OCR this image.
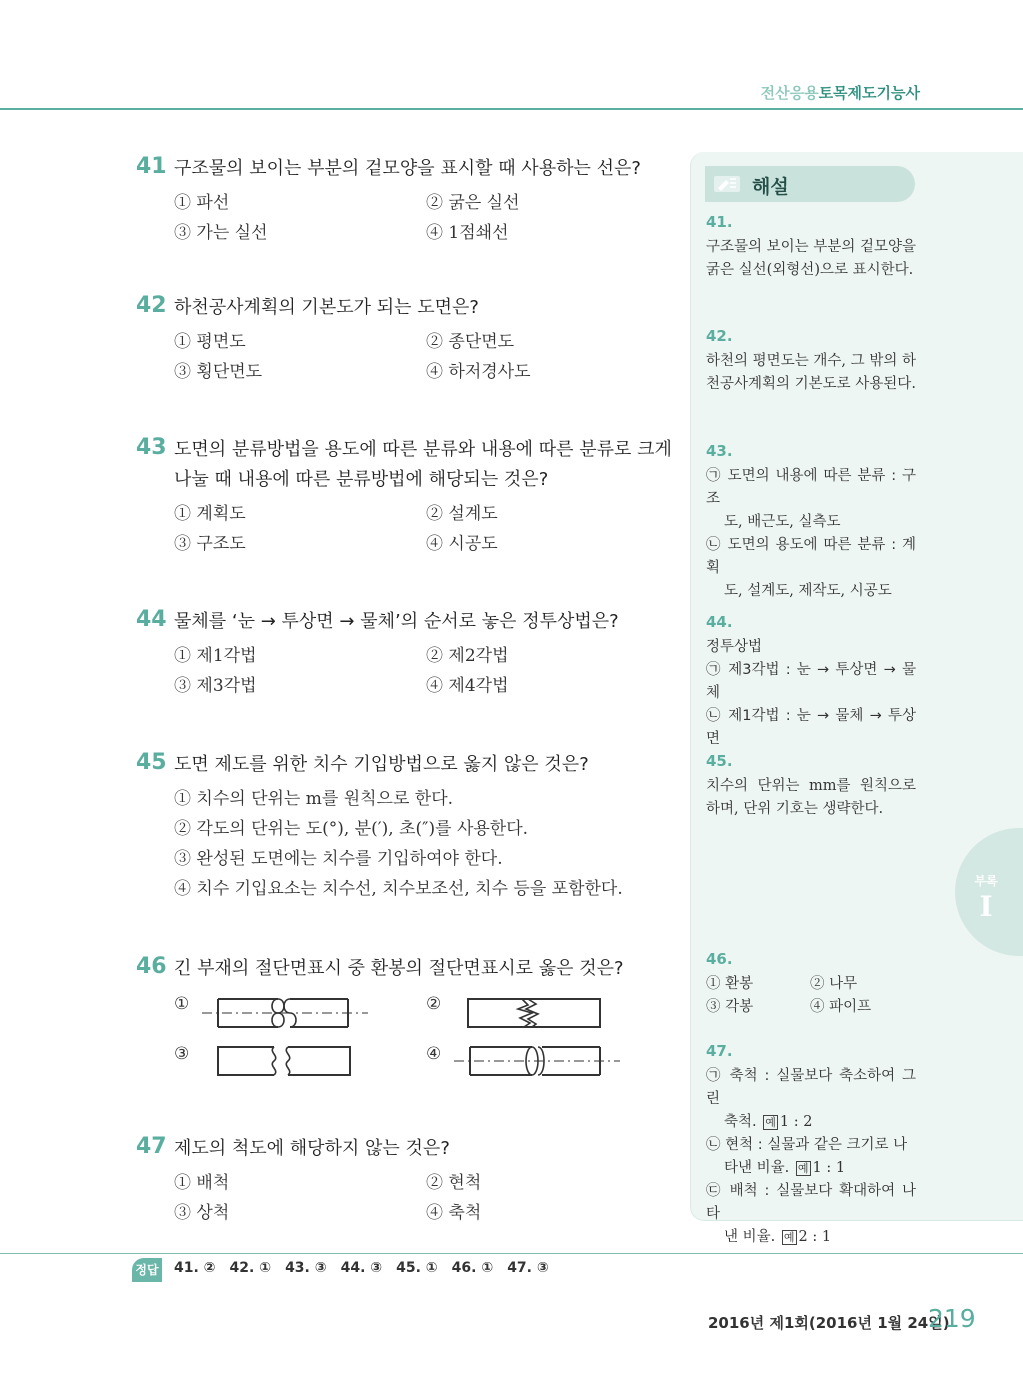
전산응용토목제도기능사
해설
41 구조물의 보이는 부분의 겉모양을 표시할 때 사용하는 선은?
① 파선	② 굵은 실선
③ 가는 실선	④ 1점쇄선
42 하천공사계획의 기본도가 되는 도면은?
① 평면도	② 종단면도
③ 횡단면도	④ 하저경사도
43 도면의 분류방법을 용도에 따른 분류와 내용에 따른 분류로 크게
나눌 때 내용에 따른 분류방법에 해당되는 것은?
① 계획도	② 설계도
③ 구조도	④ 시공도
44 물체를 ‘눈 → 투상면 → 물체’의 순서로 놓은 정투상법은?
① 제1각법	② 제2각법
③ 제3각법	④ 제4각법
45 도면 제도를 위한 치수 기입방법으로 옳지 않은 것은?
① 치수의 단위는 m를 원칙으로 한다.
② 각도의 단위는 도(°), 분(′), 초(″)를 사용한다.
③ 완성된 도면에는 치수를 기입하여야 한다.
④ 치수 기입요소는 치수선, 치수보조선, 치수 등을 포함한다.
46 긴 부재의 절단면표시 중 환봉의 절단면표시로 옳은 것은?
①	②
③	④
47 제도의 척도에 해당하지 않는 것은?
① 배척	② 현척
③ 상척	④ 축척
41.
구조물의 보이는 부분의 겉모양을 굵은 실선(외형선)으로 표시한다.
42.
하천의 평면도는 개수, 그 밖의 하천공사계획의 기본도로 사용된다.
43.
㉠ 도면의 내용에 따른 분류 : 구조

도, 배근도, 실측도
㉡ 도면의 용도에 따른 분류 : 계획

도, 설계도, 제작도, 시공도
44.
정투상법
㉠ 제3각법 : 눈 → 투상면 → 물체
㉡ 제1각법 : 눈 → 물체 → 투상면
45.
치수의 단위는 mm를 원칙으로 하며, 단위 기호는 생략한다.
46.
① 환봉	② 나무
③ 각봉	④ 파이프
47.
㉠ 축척 : 실물보다 축소하여 그린

축척. 예 1 : 2
㉡ 현척 : 실물과 같은 크기로 나

타낸 비율. 예 1 : 1
㉢ 배척 : 실물보다 확대하여 나타

낸 비율. 예 2 : 1
부록
I
정답 41. ② 42. ① 43. ③ 44. ③ 45. ① 46. ① 47. ③
2016년 제1회(2016년 1월 24일)
219
